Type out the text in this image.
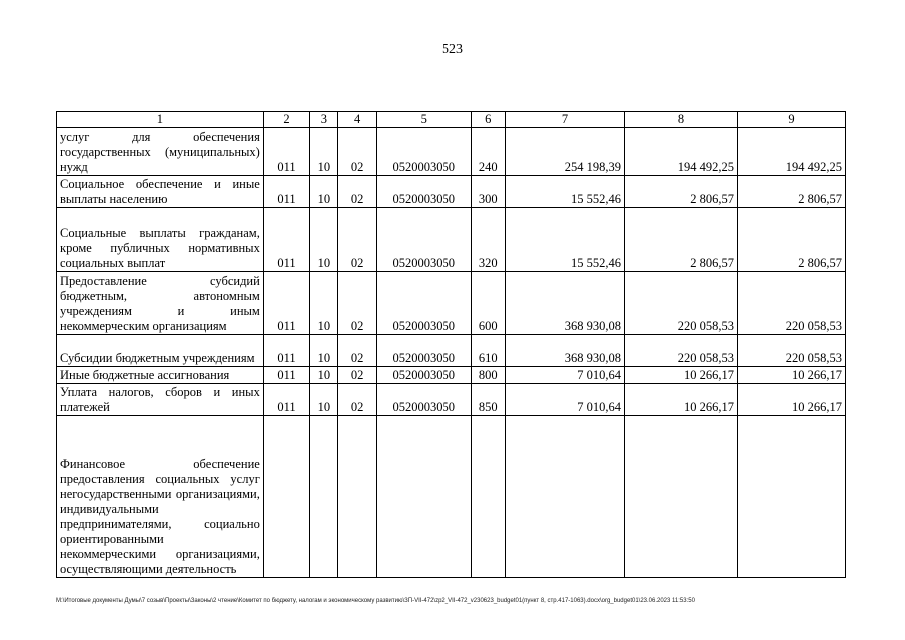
523
1	2	3	4	5	6	7	8	9
услуг для обеспечения государственных (муниципальных) нужд	011	10	02	0520003050	240	254 198,39	194 492,25	194 492,25
Социальное обеспечение и иные выплаты населению	011	10	02	0520003050	300	15 552,46	2 806,57	2 806,57
Социальные выплаты гражданам, кроме публичных нормативных социальных выплат	011	10	02	0520003050	320	15 552,46	2 806,57	2 806,57
Предоставление субсидий бюджетным, автономным учреждениям и иным некоммерческим организациям	011	10	02	0520003050	600	368 930,08	220 058,53	220 058,53
Субсидии бюджетным учреждениям	011	10	02	0520003050	610	368 930,08	220 058,53	220 058,53
Иные бюджетные ассигнования	011	10	02	0520003050	800	7 010,64	10 266,17	10 266,17
Уплата налогов, сборов и иных платежей	011	10	02	0520003050	850	7 010,64	10 266,17	10 266,17
Финансовое обеспечение предоставления социальных услуг негосударственными организациями, индивидуальными предпринимателями, социально ориентированными некоммерческими организациями, осуществляющими деятельность								
M:\Итоговые документы Думы\7 созыв\Проекты\Законы\2 чтение\Комитет по бюджету, налогам и экономическому развитию\ЗП-VII-472\zp2_VII-472_v230623_budget01(пункт 8, стр.417-1063).docx\org_budget01\23.06.2023 11:53:50
